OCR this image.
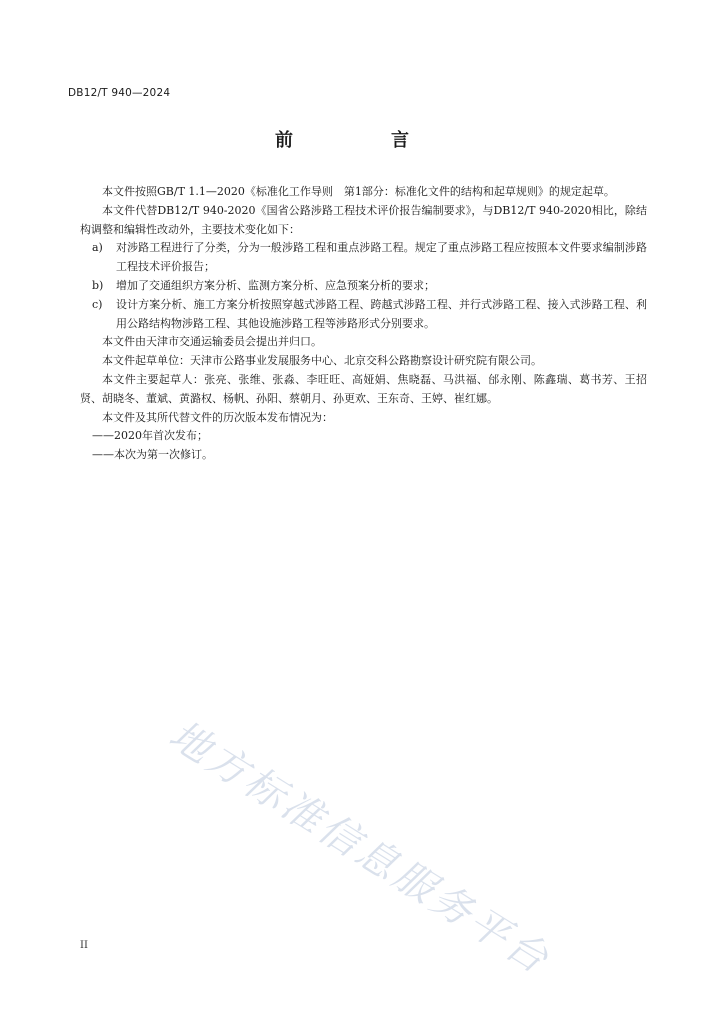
DB12/T 940—2024
前　言

本文件按照GB/T 1.1—2020《标准化工作导则　第1部分：标准化文件的结构和起草规则》的规定起草。

本文件代替DB12/T 940-2020《国省公路涉路工程技术评价报告编制要求》，与DB12/T 940-2020相比，除结构调整和编辑性改动外，主要技术变化如下：

a)	对涉路工程进行了分类，分为一般涉路工程和重点涉路工程。规定了重点涉路工程应按照本文件要求编制涉路工程技术评价报告；
b)	增加了交通组织方案分析、监测方案分析、应急预案分析的要求；
c)	设计方案分析、施工方案分析按照穿越式涉路工程、跨越式涉路工程、并行式涉路工程、接入式涉路工程、利用公路结构物涉路工程、其他设施涉路工程等涉路形式分别要求。

本文件由天津市交通运输委员会提出并归口。

本文件起草单位：天津市公路事业发展服务中心、北京交科公路勘察设计研究院有限公司。

本文件主要起草人：张亮、张维、张淼、李旺旺、高娅娟、焦晓磊、马洪福、邰永刚、陈鑫瑞、葛书芳、王招贤、胡晓冬、董斌、黄潞权、杨帆、孙阳、蔡朝月、孙更欢、王东奇、王婷、崔红娜。

本文件及其所代替文件的历次版本发布情况为：

——2020年首次发布；

——本次为第一次修订。

地方标准信息服务平台
II
